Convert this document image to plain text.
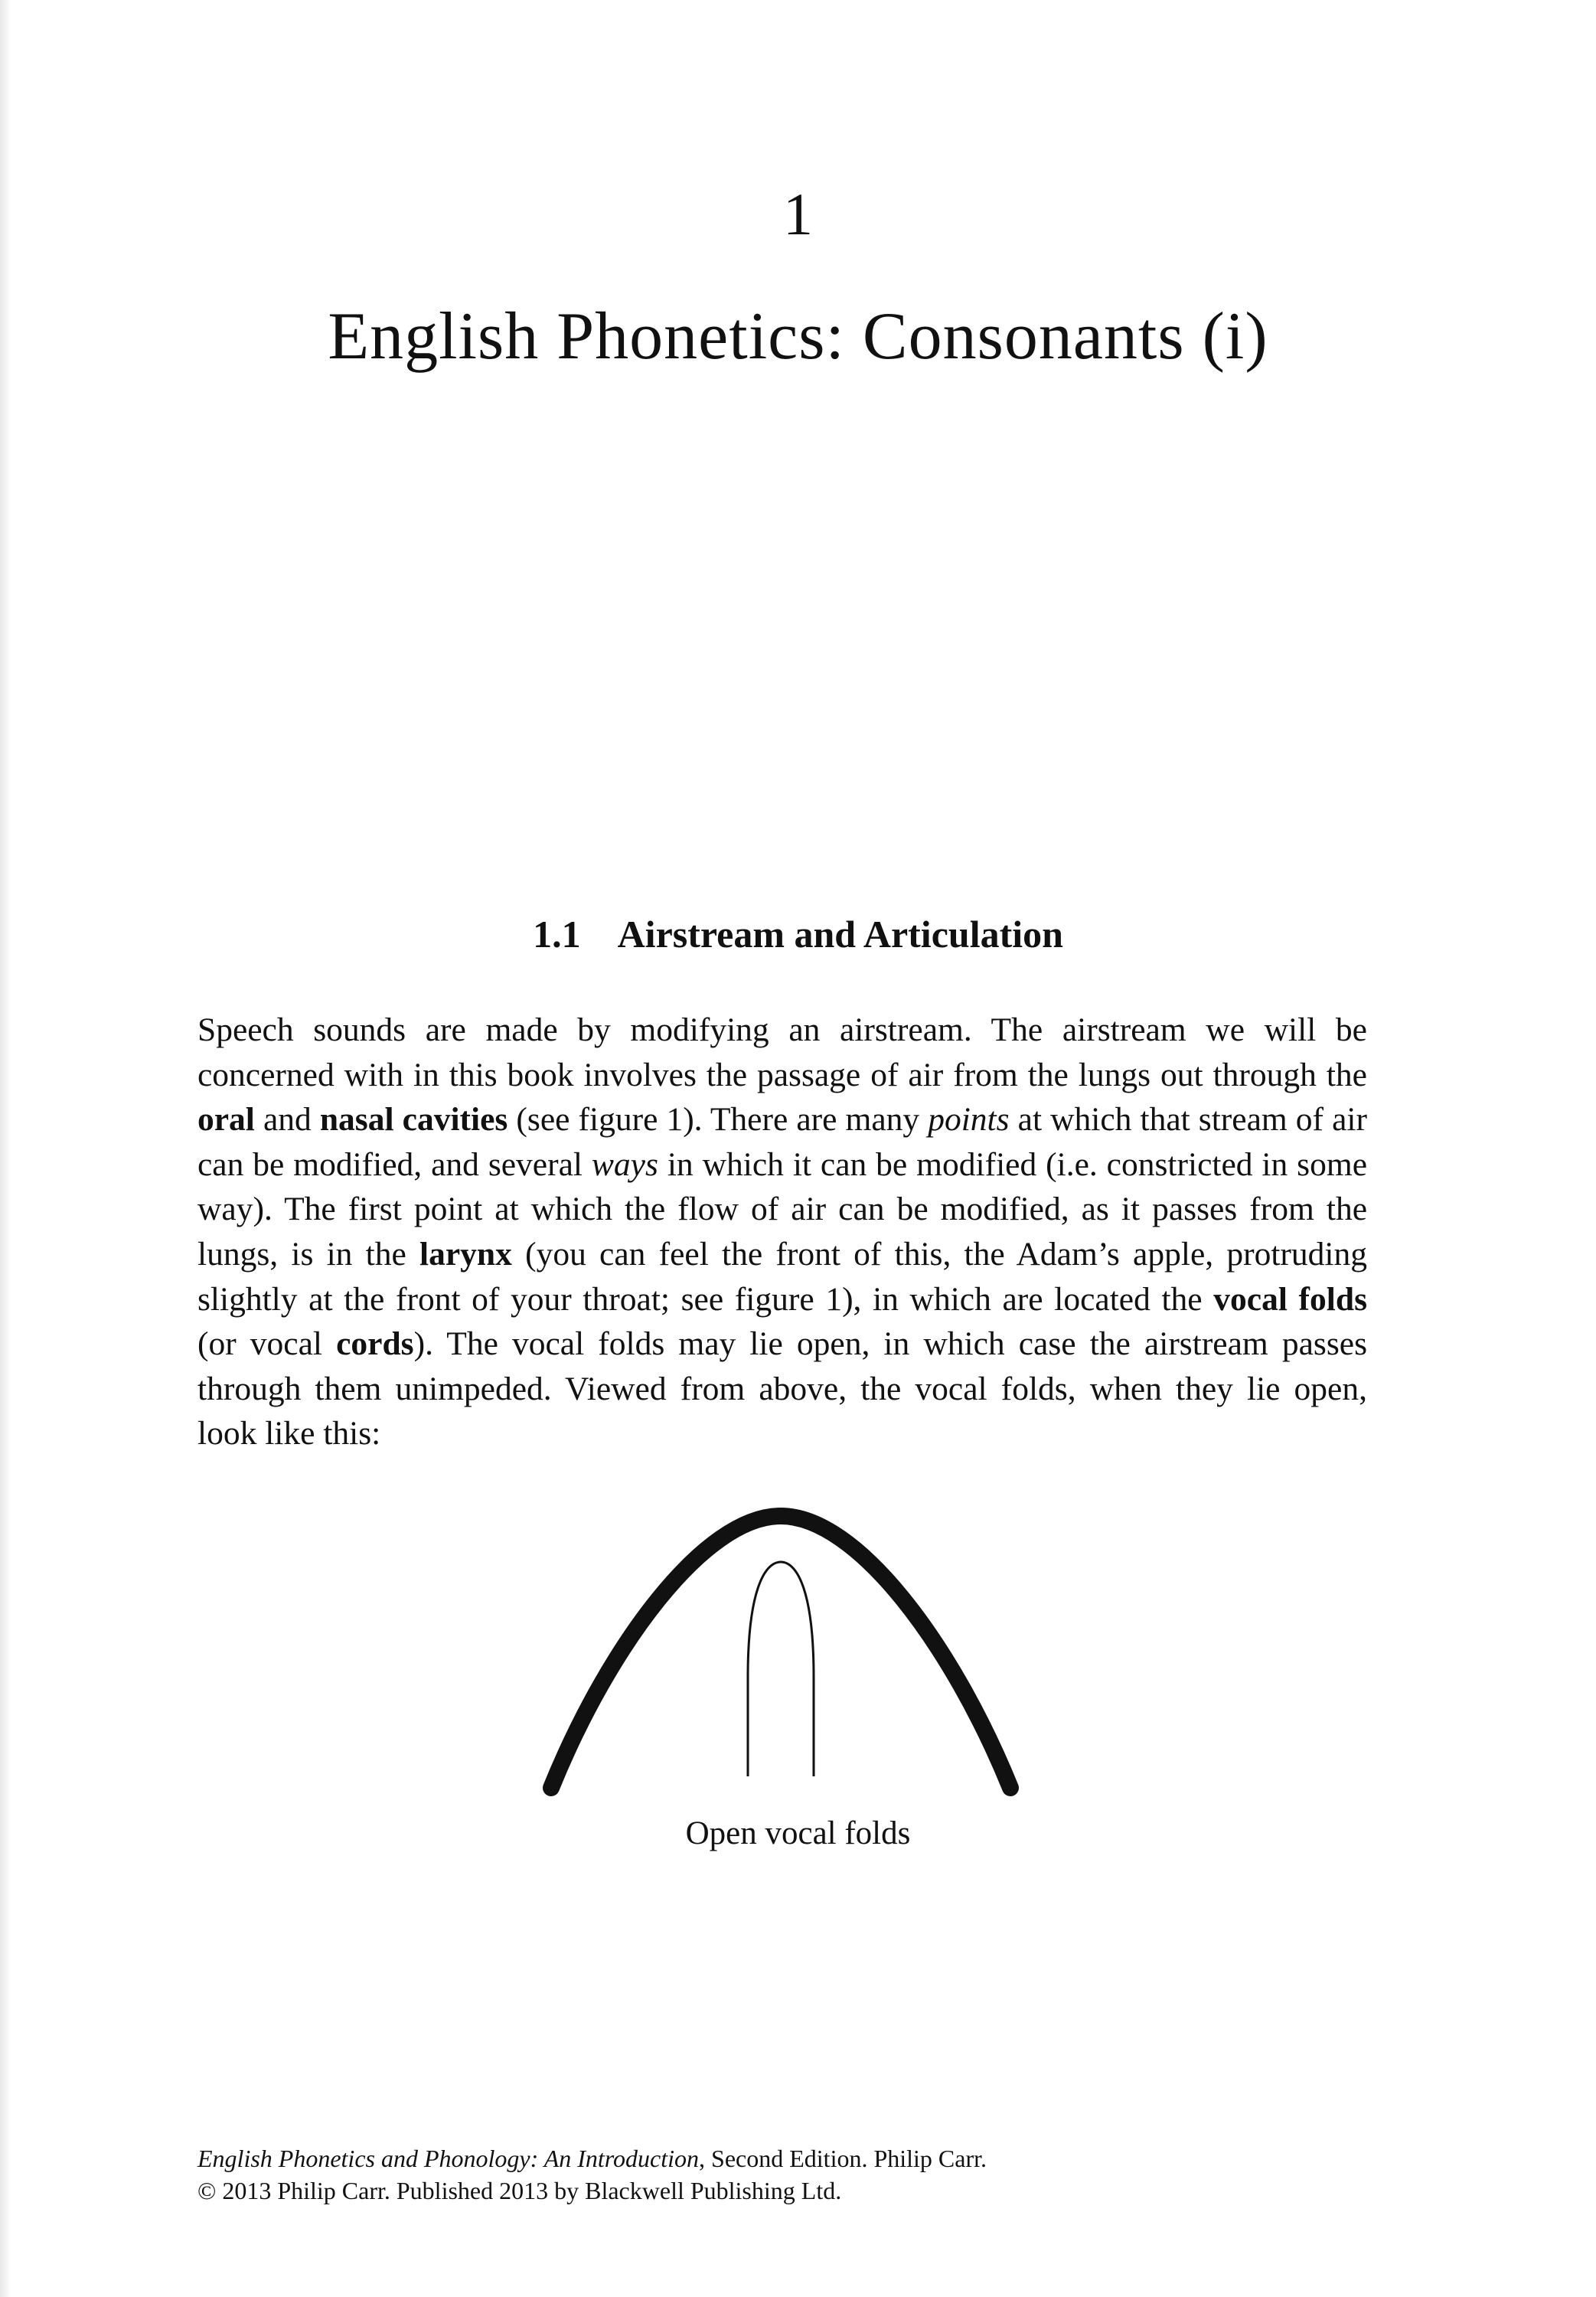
1
English Phonetics: Consonants (i)
1.1 Airstream and Articulation

Speech sounds are made by modifying an airstream. The airstream we will be concerned with in this book involves the passage of air from the lungs out through the oral and nasal cavities (see figure 1). There are many points at which that stream of air can be modified, and several ways in which it can be modified (i.e. constricted in some way). The first point at which the flow of air can be modified, as it passes from the lungs, is in the larynx (you can feel the front of this, the Adam’s apple, protruding slightly at the front of your throat; see figure 1), in which are located the vocal folds (or vocal cords). The vocal folds may lie open, in which case the airstream passes through them unimpeded. Viewed from above, the vocal folds, when they lie open, look like this:

Open vocal folds
English Phonetics and Phonology: An Introduction, Second Edition. Philip Carr.
© 2013 Philip Carr. Published 2013 by Blackwell Publishing Ltd.
